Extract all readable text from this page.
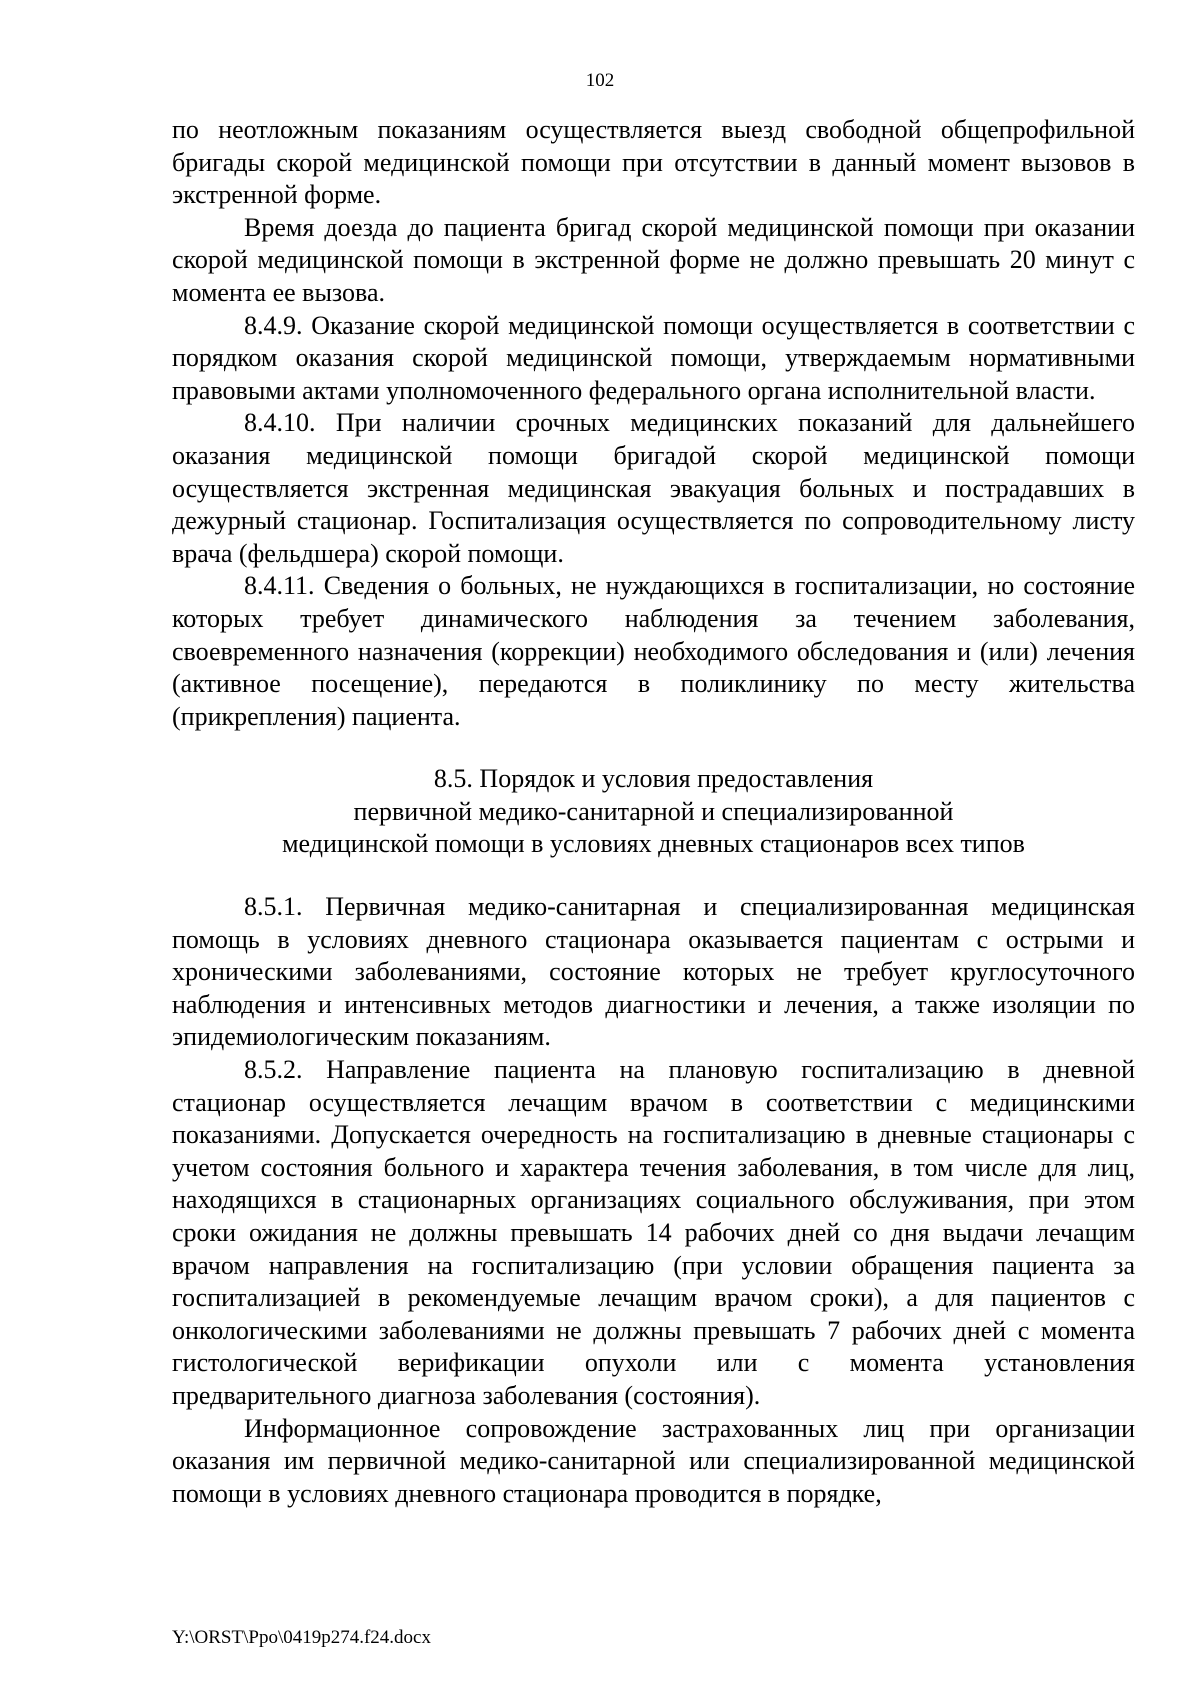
102

по неотложным показаниям осуществляется выезд свободной общепрофильной бригады скорой медицинской помощи при отсутствии в данный момент вызовов в экстренной форме.

Время доезда до пациента бригад скорой медицинской помощи при оказании скорой медицинской помощи в экстренной форме не должно превышать 20 минут с момента ее вызова.

8.4.9. Оказание скорой медицинской помощи осуществляется в соответствии с порядком оказания скорой медицинской помощи, утверждаемым нормативными правовыми актами уполномоченного федерального органа исполнительной власти.

8.4.10. При наличии срочных медицинских показаний для дальнейшего оказания медицинской помощи бригадой скорой медицинской помощи осуществляется экстренная медицинская эвакуация больных и пострадавших в дежурный стационар. Госпитализация осуществляется по сопроводительному листу врача (фельдшера) скорой помощи.

8.4.11. Сведения о больных, не нуждающихся в госпитализации, но состояние которых требует динамического наблюдения за течением заболевания, своевременного назначения (коррекции) необходимого обследования и (или) лечения (активное посещение), передаются в поликлинику по месту жительства (прикрепления) пациента.

8.5. Порядок и условия предоставления
первичной медико-санитарной и специализированной
медицинской помощи в условиях дневных стационаров всех типов

8.5.1. Первичная медико-санитарная и специализированная медицинская помощь в условиях дневного стационара оказывается пациентам с острыми и хроническими заболеваниями, состояние которых не требует круглосуточного наблюдения и интенсивных методов диагностики и лечения, а также изоляции по эпидемиологическим показаниям.

8.5.2. Направление пациента на плановую госпитализацию в дневной стационар осуществляется лечащим врачом в соответствии с медицинскими показаниями. Допускается очередность на госпитализацию в дневные стационары с учетом состояния больного и характера течения заболевания, в том числе для лиц, находящихся в стационарных организациях социального обслуживания, при этом сроки ожидания не должны превышать 14 рабочих дней со дня выдачи лечащим врачом направления на госпитализацию (при условии обращения пациента за госпитализацией в рекомендуемые лечащим врачом сроки), а для пациентов с онкологическими заболеваниями не должны превышать 7 рабочих дней с момента гистологической верификации опухоли или с момента установления предварительного диагноза заболевания (состояния).

Информационное сопровождение застрахованных лиц при организации оказания им первичной медико-санитарной или специализированной медицинской помощи в условиях дневного стационара проводится в порядке,

Y:\ORST\Ppo\0419p274.f24.docx
